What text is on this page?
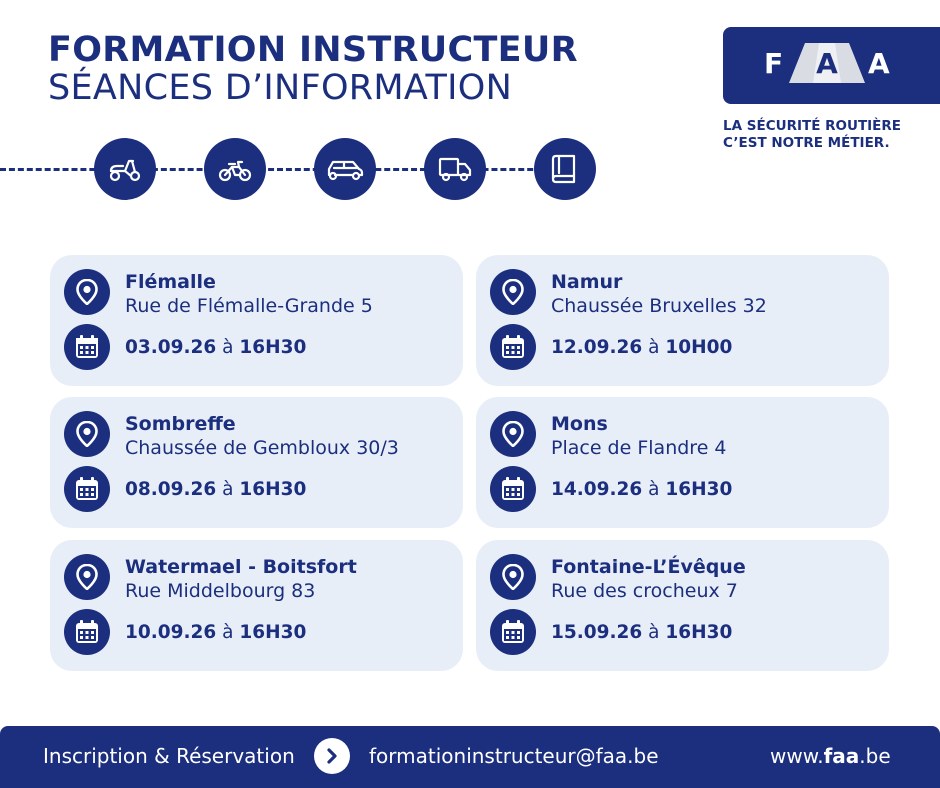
FORMATION INSTRUCTEUR
SÉANCES D’INFORMATION
F A A
LA SÉCURITÉ ROUTIÈRE
C’EST NOTRE MÉTIER.
Flémalle
Rue de Flémalle-Grande 5
03.09.26 à 16H30
Namur
Chaussée Bruxelles 32
12.09.26 à 10H00
Sombreffe
Chaussée de Gembloux 30/3
08.09.26 à 16H30
Mons
Place de Flandre 4
14.09.26 à 16H30
Watermael - Boitsfort
Rue Middelbourg 83
10.09.26 à 16H30
Fontaine-L’Évêque
Rue des crocheux 7
15.09.26 à 16H30
Inscription & Réservation	formationinstructeur@faa.be	www.faa.be
